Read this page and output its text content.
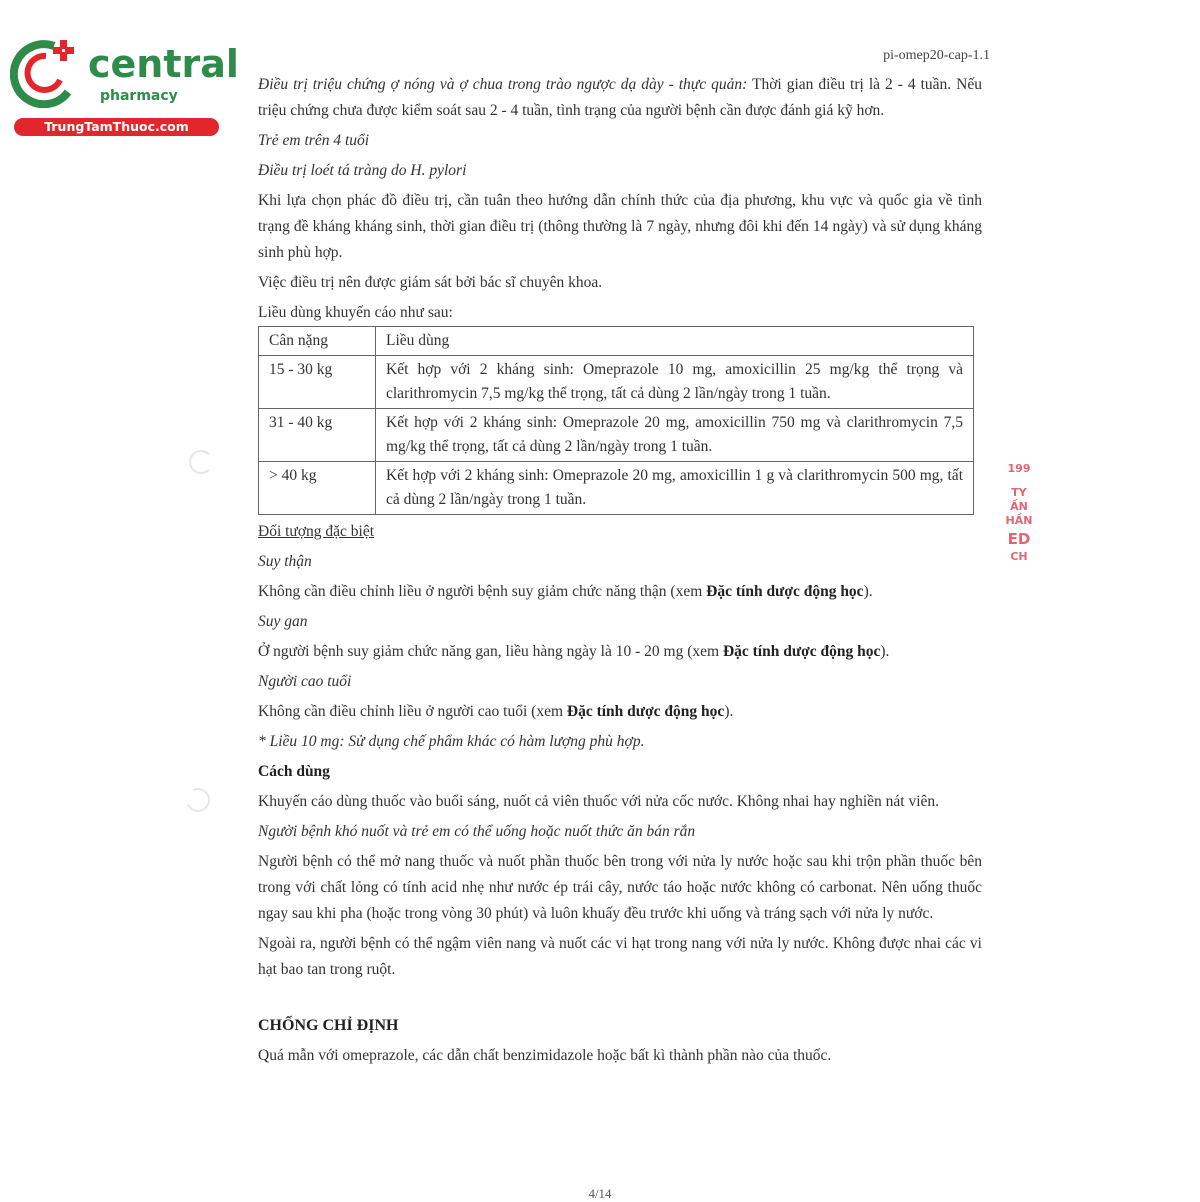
central
pharmacy
TrungTamThuoc.com
pi-omep20-cap-1.1

Điều trị triệu chứng ợ nóng và ợ chua trong trào ngược dạ dày - thực quản: Thời gian điều trị là 2 - 4 tuần. Nếu triệu chứng chưa được kiểm soát sau 2 - 4 tuần, tình trạng của người bệnh cần được đánh giá kỹ hơn.

Trẻ em trên 4 tuổi

Điều trị loét tá tràng do H. pylori

Khi lựa chọn phác đồ điều trị, cần tuân theo hướng dẫn chính thức của địa phương, khu vực và quốc gia về tình trạng đề kháng kháng sinh, thời gian điều trị (thông thường là 7 ngày, nhưng đôi khi đến 14 ngày) và sử dụng kháng sinh phù hợp.

Việc điều trị nên được giám sát bởi bác sĩ chuyên khoa.

Liều dùng khuyến cáo như sau:

Cân nặng	Liều dùng
15 - 30 kg	Kết hợp với 2 kháng sinh: Omeprazole 10 mg, amoxicillin 25 mg/kg thể trọng và clarithromycin 7,5 mg/kg thể trọng, tất cả dùng 2 lần/ngày trong 1 tuần.
31 - 40 kg	Kết hợp với 2 kháng sinh: Omeprazole 20 mg, amoxicillin 750 mg và clarithromycin 7,5 mg/kg thể trọng, tất cả dùng 2 lần/ngày trong 1 tuần.
> 40 kg	Kết hợp với 2 kháng sinh: Omeprazole 20 mg, amoxicillin 1 g và clarithromycin 500 mg, tất cả dùng 2 lần/ngày trong 1 tuần.

Đối tượng đặc biệt

Suy thận

Không cần điều chỉnh liều ở người bệnh suy giảm chức năng thận (xem Đặc tính dược động học).

Suy gan

Ở người bệnh suy giảm chức năng gan, liều hàng ngày là 10 - 20 mg (xem Đặc tính dược động học).

Người cao tuổi

Không cần điều chỉnh liều ở người cao tuổi (xem Đặc tính dược động học).

* Liều 10 mg: Sử dụng chế phẩm khác có hàm lượng phù hợp.

Cách dùng

Khuyến cáo dùng thuốc vào buổi sáng, nuốt cả viên thuốc với nửa cốc nước. Không nhai hay nghiền nát viên.

Người bệnh khó nuốt và trẻ em có thể uống hoặc nuốt thức ăn bán rắn

Người bệnh có thể mở nang thuốc và nuốt phần thuốc bên trong với nửa ly nước hoặc sau khi trộn phần thuốc bên trong với chất lỏng có tính acid nhẹ như nước ép trái cây, nước táo hoặc nước không có carbonat. Nên uống thuốc ngay sau khi pha (hoặc trong vòng 30 phút) và luôn khuấy đều trước khi uống và tráng sạch với nửa ly nước.

Ngoài ra, người bệnh có thể ngậm viên nang và nuốt các vi hạt trong nang với nửa ly nước. Không được nhai các vi hạt bao tan trong ruột.

CHỐNG CHỈ ĐỊNH

Quá mẫn với omeprazole, các dẫn chất benzimidazole hoặc bất kì thành phần nào của thuốc.

199
TY
ẤN
HẦN
ED
CH
4/14
